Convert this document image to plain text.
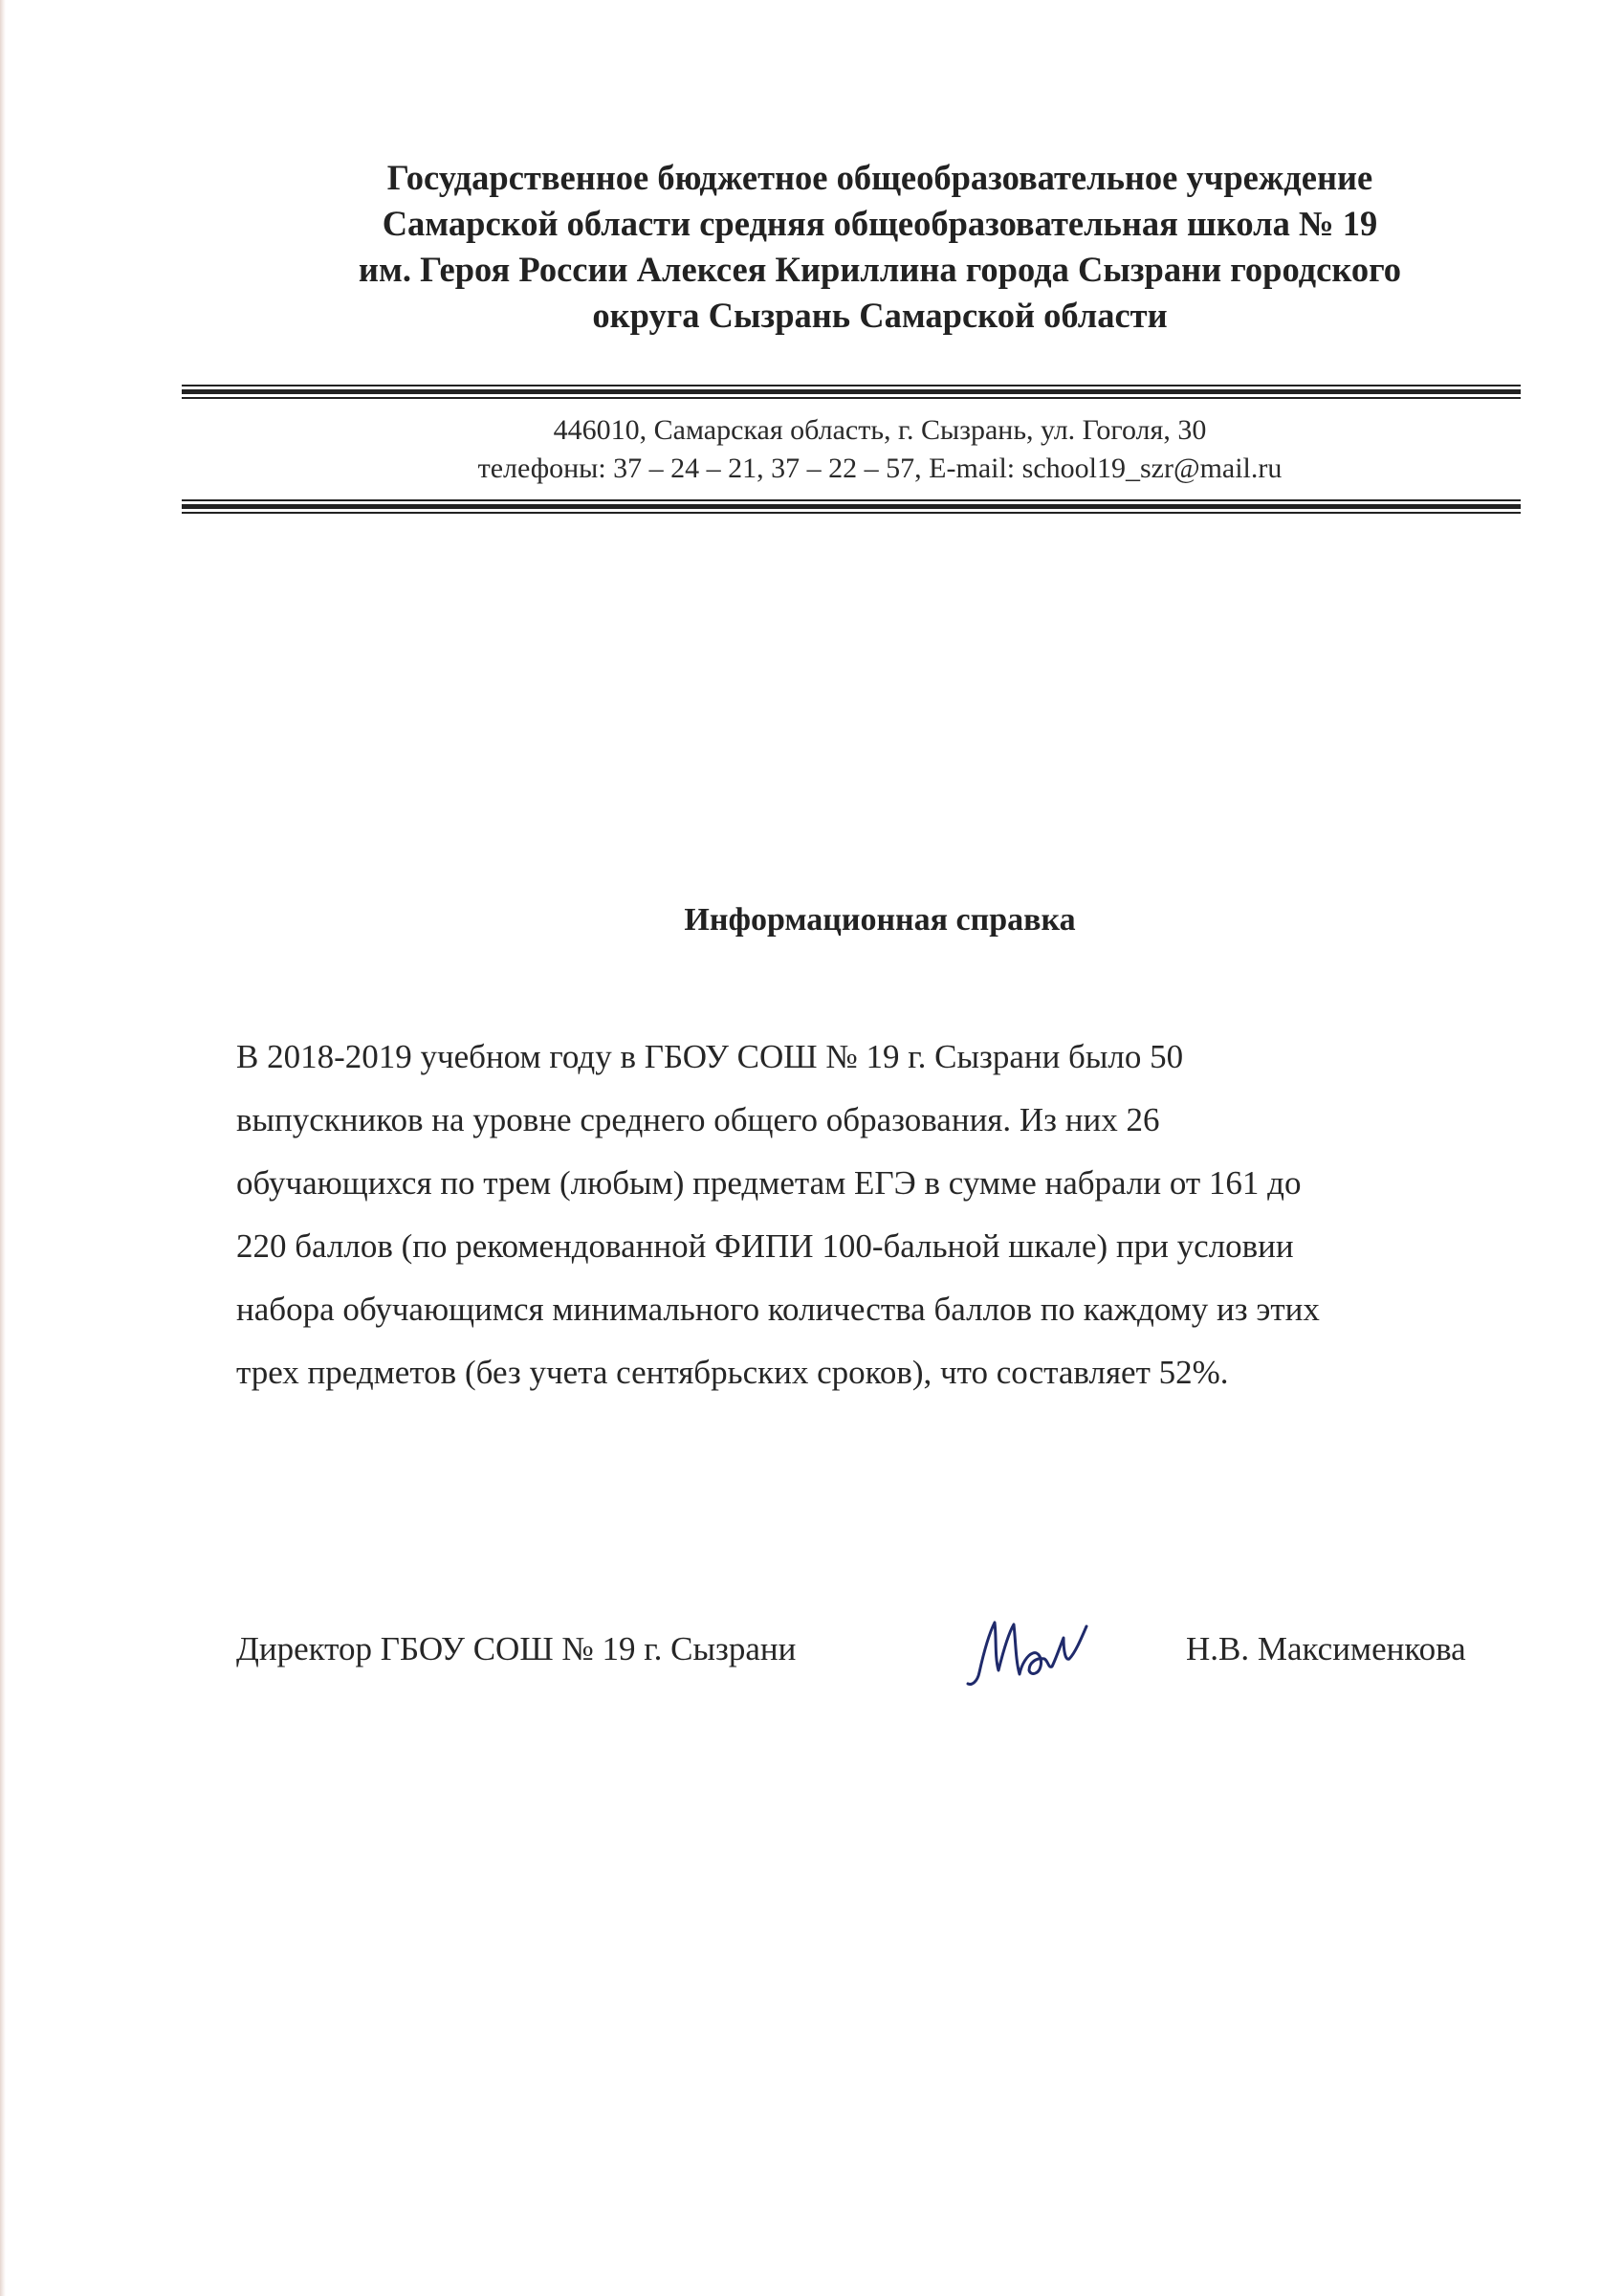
Государственное бюджетное общеобразовательное учреждение
Самарской области средняя общеобразовательная школа № 19
им. Героя России Алексея Кириллина города Сызрани городского
округа Сызрань Самарской области
446010, Самарская область, г. Сызрань, ул. Гоголя, 30
телефоны: 37 – 24 – 21, 37 – 22 – 57, E-mail: school19_szr@mail.ru
Информационная справка
В 2018-2019 учебном году в ГБОУ СОШ № 19 г. Сызрани было 50
выпускников на уровне среднего общего образования. Из них 26
обучающихся по трем (любым) предметам ЕГЭ в сумме набрали от 161 до
220 баллов (по рекомендованной ФИПИ 100-бальной шкале) при условии
набора обучающимся минимального количества баллов по каждому из этих
трех предметов (без учета сентябрьских сроков), что составляет 52%.
Директор ГБОУ СОШ № 19 г. Сызрани	Н.В. Максименкова
